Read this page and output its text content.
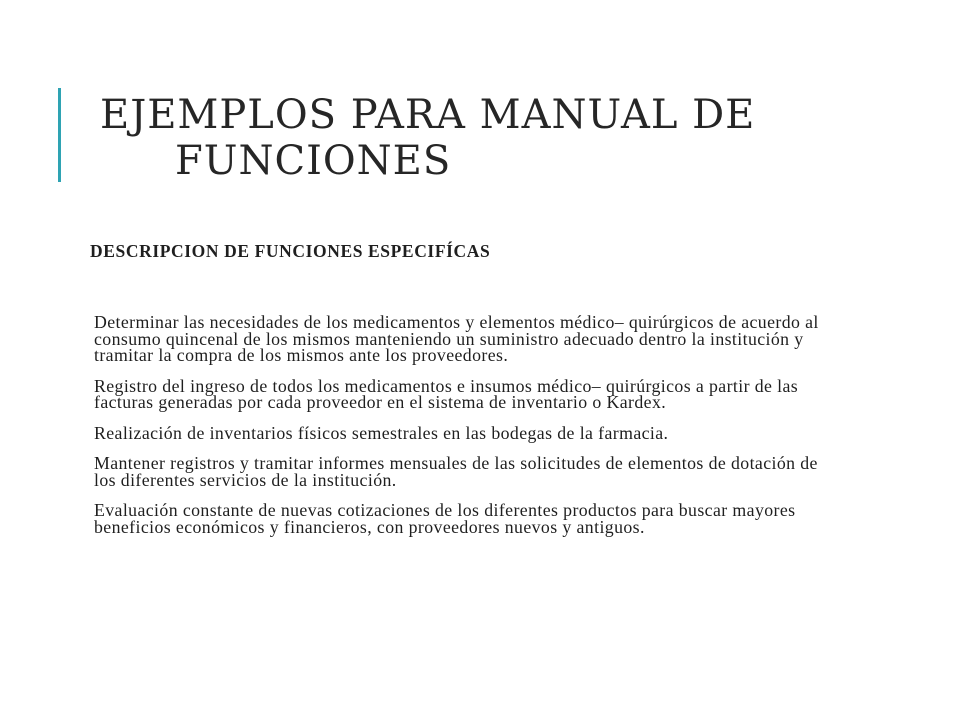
EJEMPLOS PARA MANUAL DE
FUNCIONES
DESCRIPCION DE FUNCIONES ESPECIFÍCAS
Determinar las necesidades de los medicamentos y elementos médico– quirúrgicos de acuerdo al consumo quincenal de los mismos manteniendo un suministro adecuado dentro la institución y tramitar la compra de los mismos ante los proveedores.
Registro del ingreso de todos los medicamentos e insumos médico– quirúrgicos a partir de las facturas generadas por cada proveedor en el sistema de inventario o Kardex.
Realización de inventarios físicos semestrales en las bodegas de la farmacia.
Mantener registros y tramitar informes mensuales de las solicitudes de elementos de dotación de los diferentes servicios de la institución.
Evaluación constante de nuevas cotizaciones de los diferentes productos para buscar mayores beneficios económicos y financieros, con proveedores nuevos y antiguos.
